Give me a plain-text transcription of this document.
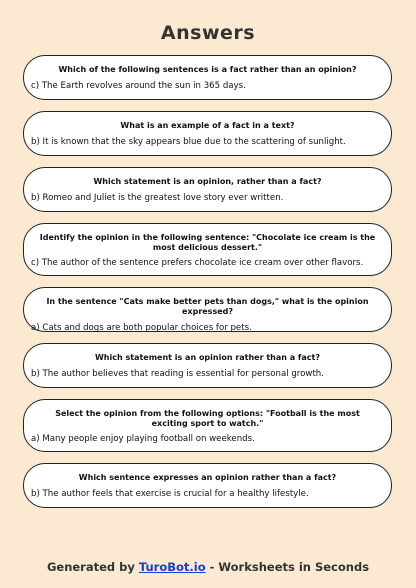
Answers
Which of the following sentences is a fact rather than an opinion?
c) The Earth revolves around the sun in 365 days.
What is an example of a fact in a text?
b) It is known that the sky appears blue due to the scattering of sunlight.
Which statement is an opinion, rather than a fact?
b) Romeo and Juliet is the greatest love story ever written.
Identify the opinion in the following sentence: "Chocolate ice cream is the most delicious dessert."
c) The author of the sentence prefers chocolate ice cream over other flavors.
In the sentence "Cats make better pets than dogs," what is the opinion expressed?
a) Cats and dogs are both popular choices for pets.
Which statement is an opinion rather than a fact?
b) The author believes that reading is essential for personal growth.
Select the opinion from the following options: "Football is the most exciting sport to watch."
a) Many people enjoy playing football on weekends.
Which sentence expresses an opinion rather than a fact?
b) The author feels that exercise is crucial for a healthy lifestyle.
Generated by TuroBot.io - Worksheets in Seconds
